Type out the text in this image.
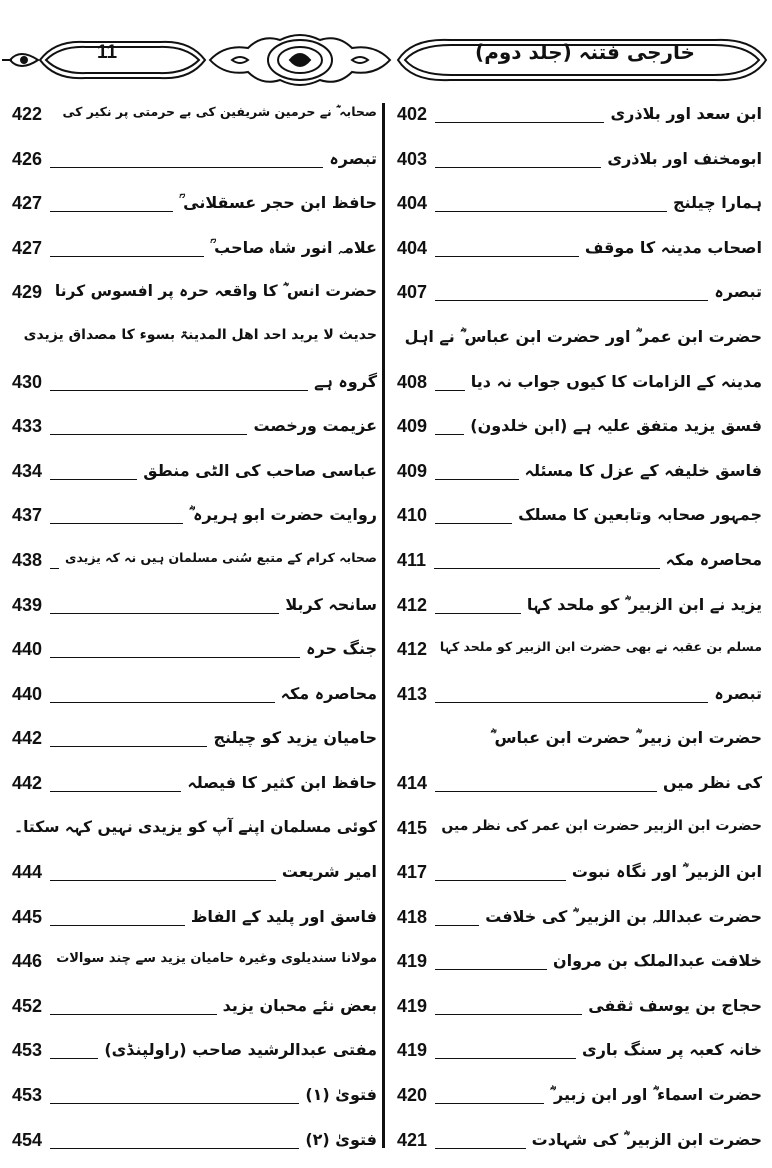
11	خارجی فتنہ (جلد دوم)
صحابہ ؓ نے حرمین شریفین کی بے حرمتی پر نکیر کی
422
تبصرہ
426
حافظ ابن حجر عسقلانی ؒ
427
علامہ انور شاہ صاحب ؒ
427
حضرت انس ؓ کا واقعہ حرہ پر افسوس کرنا
429
حدیث لا یرید احد اھل المدینۃ بسوء کا مصداق یزیدی
گروہ ہے
430
عزیمت ورخصت
433
عباسی صاحب کی الٹی منطق
434
روایت حضرت ابو ہریرہ ؓ
437
صحابہ کرام کے متبع سُنی مسلمان ہیں نہ کہ یزیدی
438
سانحہ کربلا
439
جنگ حرہ
440
محاصرہ مکہ
440
حامیان یزید کو چیلنج
442
حافظ ابن کثیر کا فیصلہ
442
کوئی مسلمان اپنے آپ کو یزیدی نہیں کہہ سکتا۔
امیر شریعت
444
فاسق اور پلید کے الفاظ
445
مولانا سندیلوی وغیرہ حامیان یزید سے چند سوالات
446
بعض نئے محبان یزید
452
مفتی عبدالرشید صاحب (راولپنڈی)
453
فتویٰ (۱)
453
فتویٰ (۲)
454
ابن سعد اور بلاذری
402
ابومخنف اور بلاذری
403
ہمارا چیلنج
404
اصحاب مدینہ کا موقف
404
تبصرہ
407
حضرت ابن عمر ؓ اور حضرت ابن عباس ؓ نے اہل
مدینہ کے الزامات کا کیوں جواب نہ دیا
408
فسق یزید متفق علیہ ہے (ابن خلدون)
409
فاسق خلیفہ کے عزل کا مسئلہ
409
جمہور صحابہ وتابعین کا مسلک
410
محاصرہ مکہ
411
یزید نے ابن الزبیر ؓ کو ملحد کہا
412
مسلم بن عقبہ نے بھی حضرت ابن الزبیر کو ملحد کہا
412
تبصرہ
413
حضرت ابن زبیر ؓ حضرت ابن عباس ؓ
کی نظر میں
414
حضرت ابن الزبیر حضرت ابن عمر کی نظر میں
415
ابن الزبیر ؓ اور نگاہ نبوت
417
حضرت عبداللہ بن الزبیر ؓ کی خلافت
418
خلافت عبدالملک بن مروان
419
حجاج بن یوسف ثقفی
419
خانہ کعبہ پر سنگ باری
419
حضرت اسماء ؓ اور ابن زبیر ؓ
420
حضرت ابن الزبیر ؓ کی شہادت
421
